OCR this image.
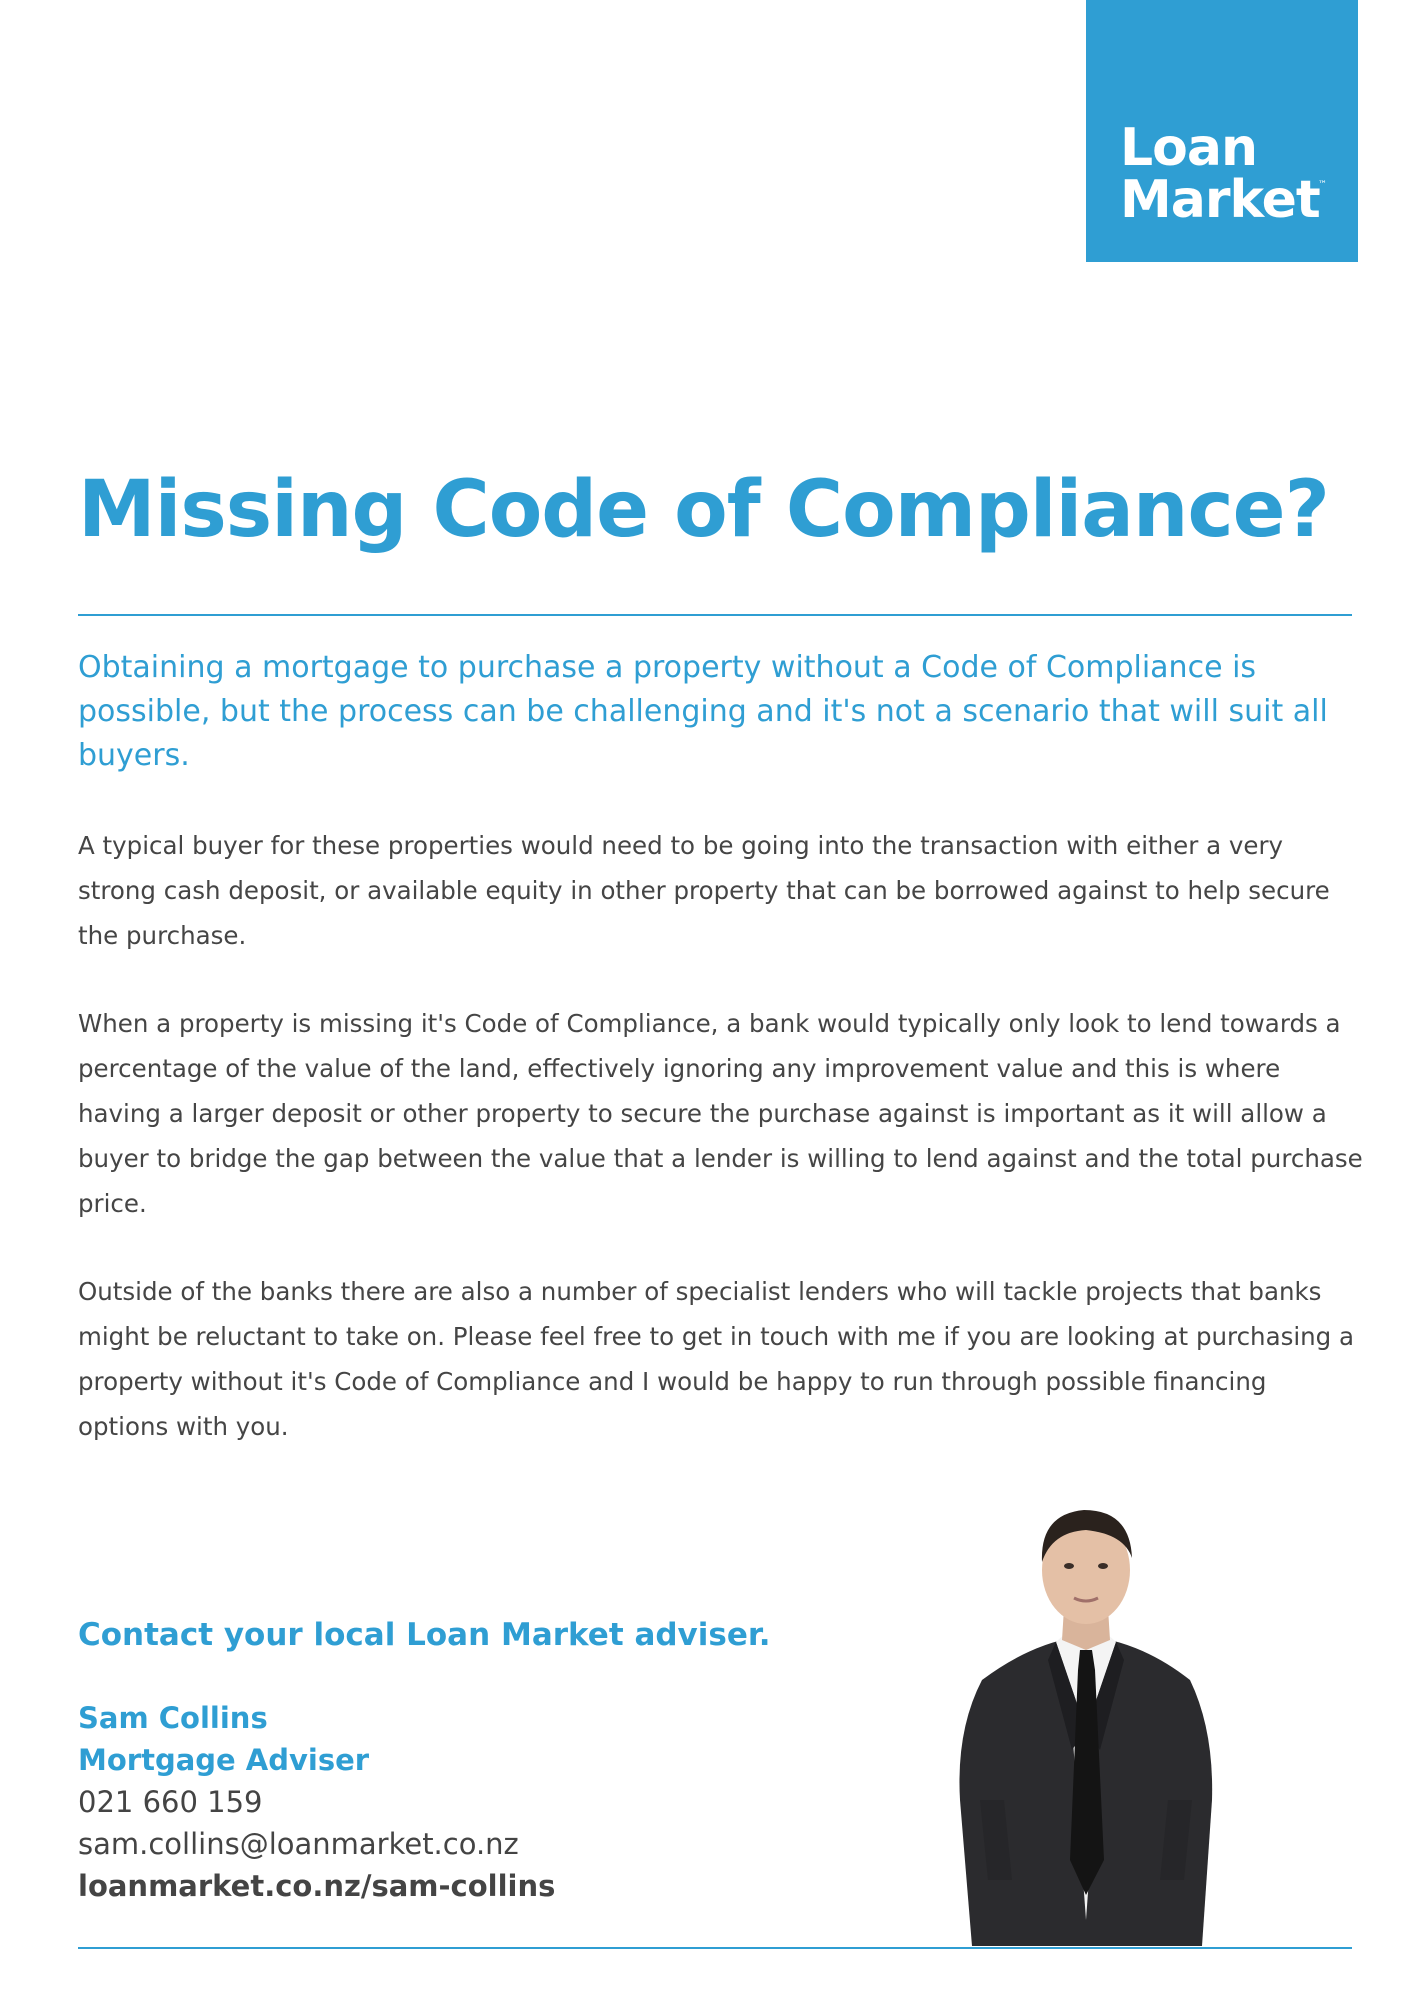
Loan
Market
™
Missing Code of Compliance?

Obtaining a mortgage to purchase a property without a Code of Compliance is possible, but the process can be challenging and it's not a scenario that will suit all buyers.

A typical buyer for these properties would need to be going into the transaction with either a very strong cash deposit, or available equity in other property that can be borrowed against to help secure the purchase.

When a property is missing it's Code of Compliance, a bank would typically only look to lend towards a percentage of the value of the land, effectively ignoring any improvement value and this is where having a larger deposit or other property to secure the purchase against is important as it will allow a buyer to bridge the gap between the value that a lender is willing to lend against and the total purchase price.

Outside of the banks there are also a number of specialist lenders who will tackle projects that banks might be reluctant to take on. Please feel free to get in touch with me if you are looking at purchasing a property without it's Code of Compliance and I would be happy to run through possible financing options with you.

Contact your local Loan Market adviser.
Sam Collins
Mortgage Adviser
021 660 159
sam.collins@loanmarket.co.nz
loanmarket.co.nz/sam-collins
